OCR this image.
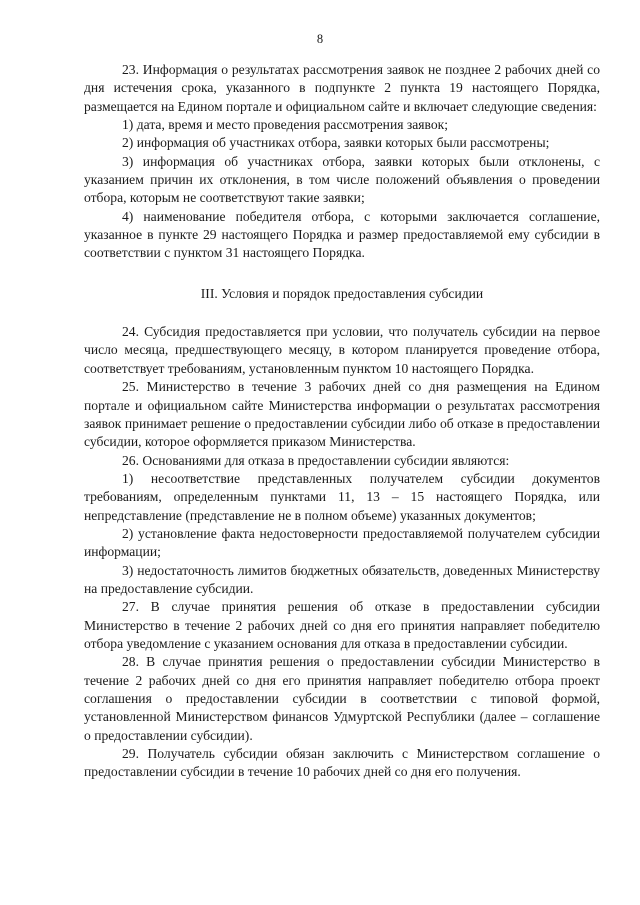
8

23. Информация о результатах рассмотрения заявок не позднее 2 рабочих дней со дня истечения срока, указанного в подпункте 2 пункта 19 настоящего Порядка, размещается на Едином портале и официальном сайте и включает следующие сведения:

1) дата, время и место проведения рассмотрения заявок;

2) информация об участниках отбора, заявки которых были рассмотрены;

3) информация об участниках отбора, заявки которых были отклонены, с указанием причин их отклонения, в том числе положений объявления о проведении отбора, которым не соответствуют такие заявки;

4) наименование победителя отбора, с которыми заключается соглашение, указанное в пункте 29 настоящего Порядка и размер предоставляемой ему субсидии в соответствии с пунктом 31 настоящего Порядка.

III. Условия и порядок предоставления субсидии

24. Субсидия предоставляется при условии, что получатель субсидии на первое число месяца, предшествующего месяцу, в котором планируется проведение отбора, соответствует требованиям, установленным пунктом 10 настоящего Порядка.

25. Министерство в течение 3 рабочих дней со дня размещения на Едином портале и официальном сайте Министерства информации о результатах рассмотрения заявок принимает решение о предоставлении субсидии либо об отказе в предоставлении субсидии, которое оформляется приказом Министерства.

26. Основаниями для отказа в предоставлении субсидии являются:

1) несоответствие представленных получателем субсидии документов требованиям, определенным пунктами 11, 13 – 15 настоящего Порядка, или непредставление (представление не в полном объеме) указанных документов;

2) установление факта недостоверности предоставляемой получателем субсидии информации;

3) недостаточность лимитов бюджетных обязательств, доведенных Министерству на предоставление субсидии.

27. В случае принятия решения об отказе в предоставлении субсидии Министерство в течение 2 рабочих дней со дня его принятия направляет победителю отбора уведомление с указанием основания для отказа в предоставлении субсидии.

28. В случае принятия решения о предоставлении субсидии Министерство в течение 2 рабочих дней со дня его принятия направляет победителю отбора проект соглашения о предоставлении субсидии в соответствии с типовой формой, установленной Министерством финансов Удмуртской Республики (далее – соглашение о предоставлении субсидии).

29. Получатель субсидии обязан заключить с Министерством соглашение о предоставлении субсидии в течение 10 рабочих дней со дня его получения.
